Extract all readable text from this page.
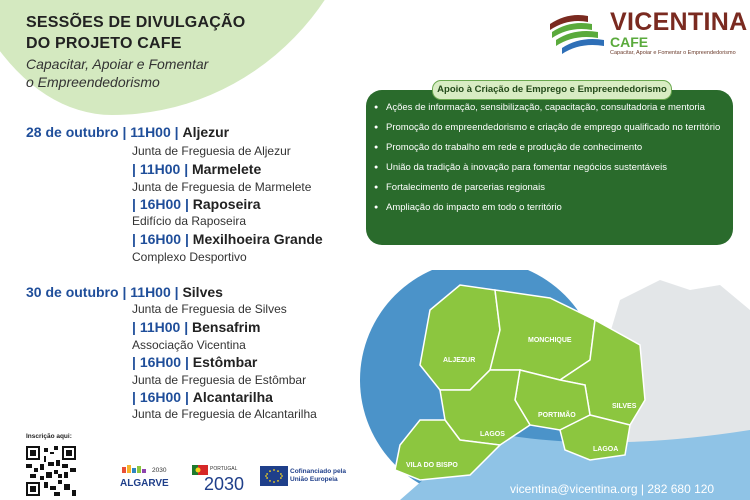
SESSÕES DE DIVULGAÇÃO
DO PROJETO CAFE
Capacitar, Apoiar e Fomentar
o Empreendedorismo
VICENTINA
CAFE
Capacitar, Apoiar e Fomentar o Empreendedorismo
28 de outubro | 11H00 | Aljezur
Junta de Freguesia de Aljezur
| 11H00 | Marmelete
Junta de Freguesia de Marmelete
| 16H00 | Raposeira
Edifício da Raposeira
| 16H00 | Mexilhoeira Grande
Complexo Desportivo
30 de outubro | 11H00 | Silves
Junta de Freguesia de Silves
| 11H00 | Bensafrim
Associação Vicentina
| 16H00 | Estômbar
Junta de Freguesia de Estômbar
| 16H00 | Alcantarilha
Junta de Freguesia de Alcantarilha
Apoio à Criação de Emprego e Empreendedorismo
● Ações de informação, sensibilização, capacitação, consultadoria e mentoria
● Promoção do empreendedorismo e criação de emprego qualificado no território
● Promoção do trabalho em rede e produção de conhecimento
● União da tradição à inovação para fomentar negócios sustentáveis
● Fortalecimento de parcerias regionais
● Ampliação do impacto em todo o território
ALJEZUR
MONCHIQUE
SILVES
PORTIMÃO
LAGOS
LAGOA
VILA DO BISPO
vicentina@vicentina.org | 282 680 120
Inscrição aqui:
2030
ALGARVE
PORTUGAL
2030
Cofinanciado pela
União Europeia
